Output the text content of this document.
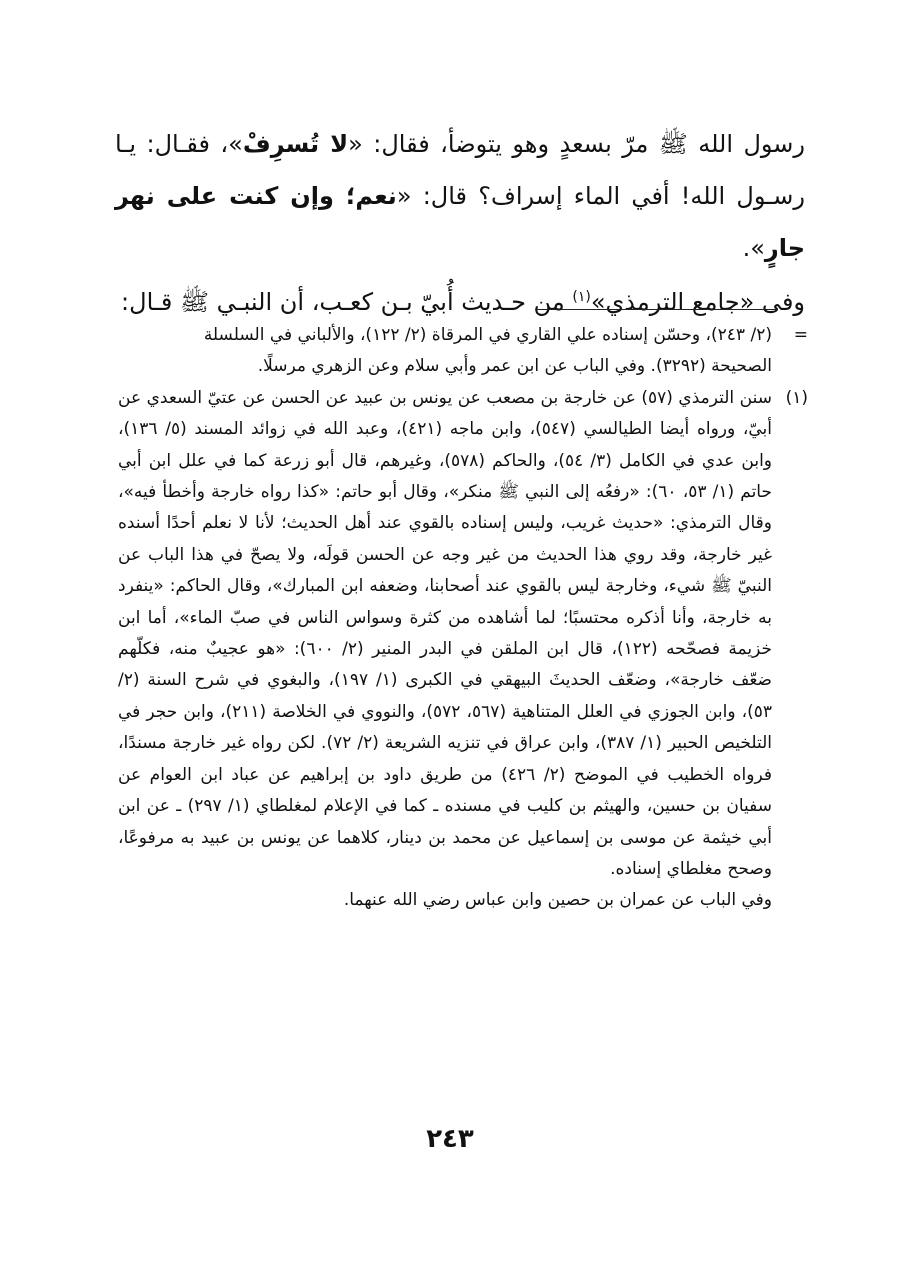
رسول الله ﷺ مرّ بسعدٍ وهو يتوضأ، فقال: «لا تُسرِفْ»، فقـال: يـا رسـول الله! أفي الماء إسراف؟ قال: «نعم؛ وإن كنت على نهر جارٍ».

وفى «جامع الترمذي»$^{(١)}$ من حـديث أُبيّ بـن كعـب، أن النبـي ﷺ قـال:

=
(٢/ ٢٤٣)، وحسّن إسناده علي القاري في المرقاة (٢/ ١٢٢)، والألباني في السلسلة
الصحيحة (٣٢٩٢). وفي الباب عن ابن عمر وأبي سلام وعن الزهري مرسلًا.
(١)
سنن الترمذي (٥٧) عن خارجة بن مصعب عن يونس بن عبيد عن الحسن عن عتيّ السعدي عن أبيّ، ورواه أيضا الطيالسي (٥٤٧)، وابن ماجه (٤٢١)، وعبد الله في زوائد المسند (٥/ ١٣٦)، وابن عدي في الكامل (٣/ ٥٤)، والحاكم (٥٧٨)، وغيرهم، قال أبو زرعة كما في علل ابن أبي حاتم (١/ ٥٣، ٦٠): «رفعُه إلى النبي ﷺ منكر»، وقال أبو حاتم: «كذا رواه خارجة وأخطأ فيه»، وقال الترمذي: «حديث غريب، وليس إسناده بالقوي عند أهل الحديث؛ لأنا لا نعلم أحدًا أسنده غير خارجة، وقد روي هذا الحديث من غير وجه عن الحسن قولَه، ولا يصحّ في هذا الباب عن النبيّ ﷺ شيء، وخارجة ليس بالقوي عند أصحابنا، وضعفه ابن المبارك»، وقال الحاكم: «ينفرد به خارجة، وأنا أذكره محتسبًا؛ لما أشاهده من كثرة وسواس الناس في صبّ الماء»، أما ابن خزيمة فصحّحه (١٢٢)، قال ابن الملقن في البدر المنير (٢/ ٦٠٠): «هو عجيبٌ منه، فكلّهم ضعّف خارجة»، وضعّف الحديثَ البيهقي في الكبرى (١/ ١٩٧)، والبغوي في شرح السنة (٢/ ٥٣)، وابن الجوزي في العلل المتناهية (٥٦٧، ٥٧٢)، والنووي في الخلاصة (٢١١)، وابن حجر في التلخيص الحبير (١/ ٣٨٧)، وابن عراق في تنزيه الشريعة (٢/ ٧٢). لكن رواه غير خارجة مسندًا، فرواه الخطيب في الموضح (٢/ ٤٢٦) من طريق داود بن إبراهيم عن عباد ابن العوام عن سفيان بن حسين، والهيثم بن كليب في مسنده ـ كما في الإعلام لمغلطاي (١/ ٢٩٧) ـ عن ابن أبي خيثمة عن موسى بن إسماعيل عن محمد بن دينار، كلاهما عن يونس بن عبيد به مرفوعًا، وصحح مغلطاي إسناده.
وفي الباب عن عمران بن حصين وابن عباس رضي الله عنهما.
٢٤٣
